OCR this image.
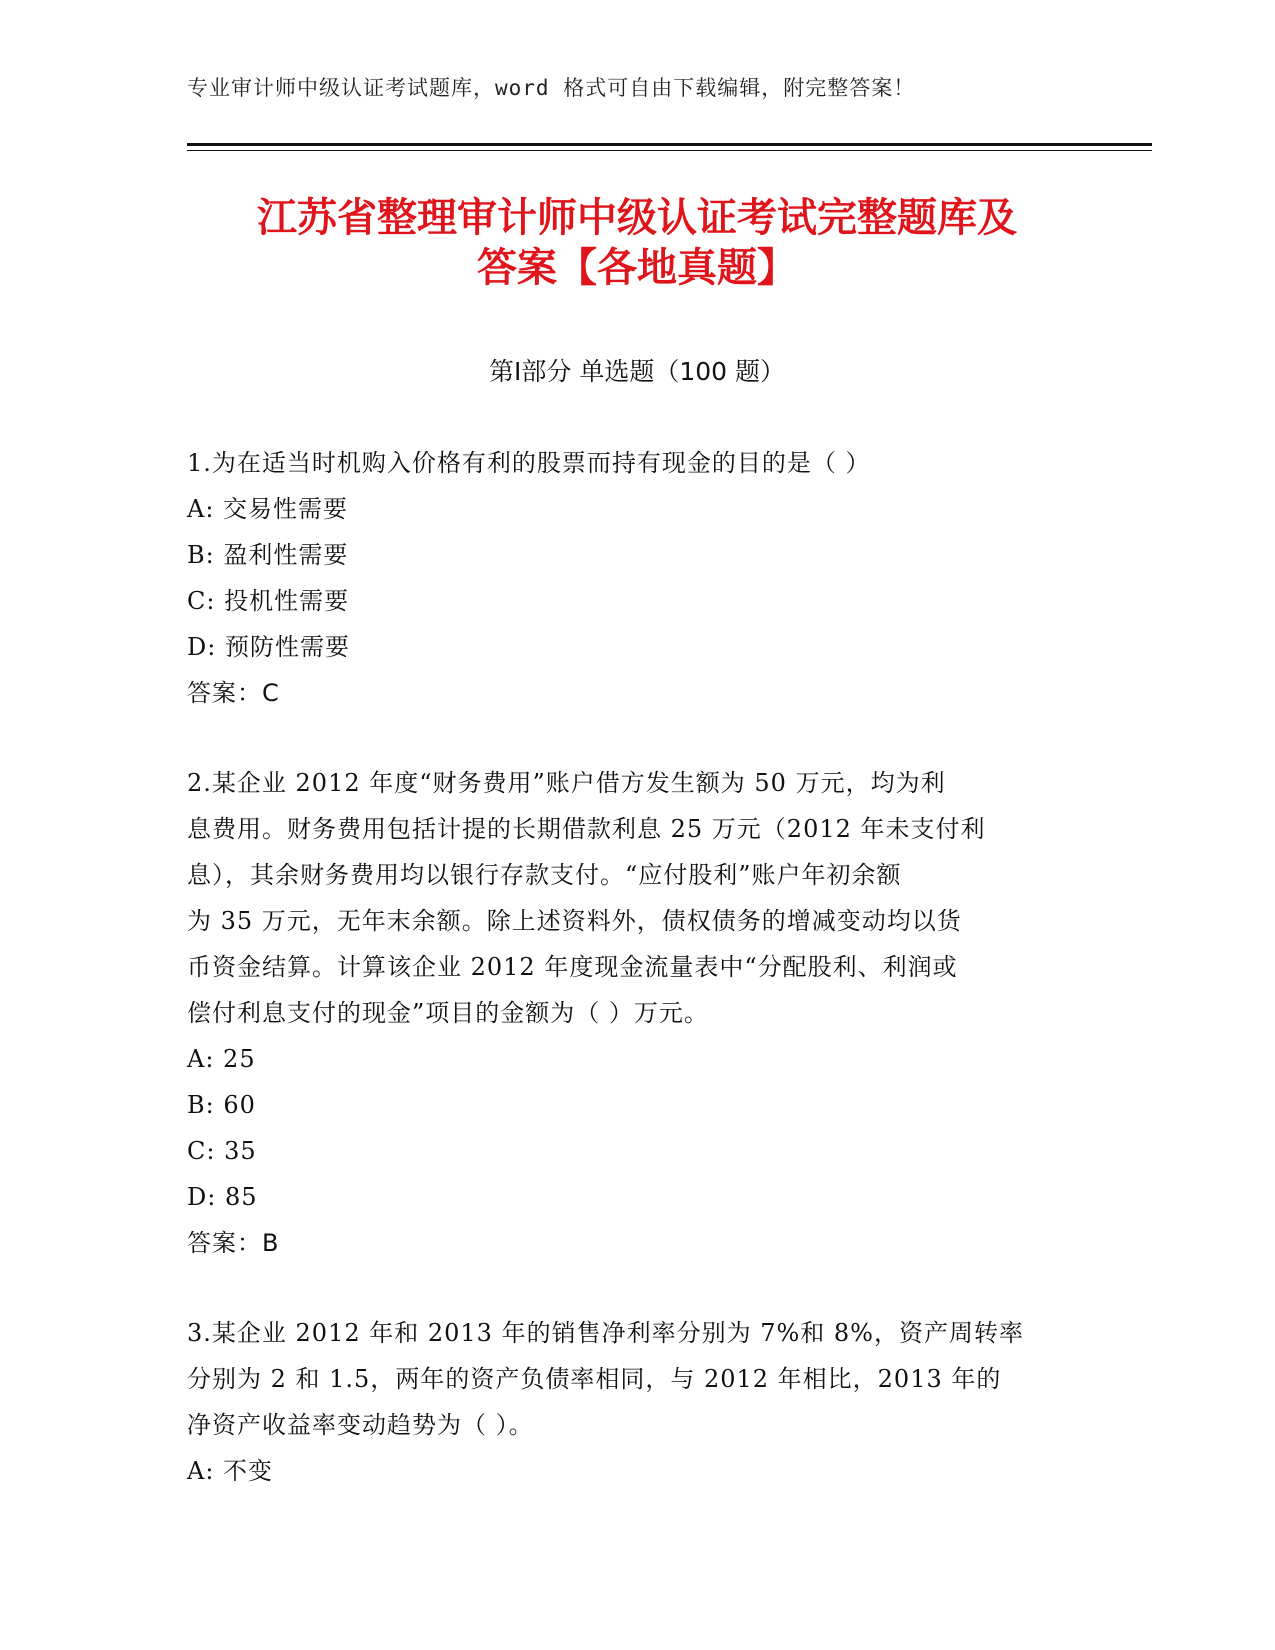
专业审计师中级认证考试题库，word 格式可自由下载编辑，附完整答案！
江苏省整理审计师中级认证考试完整题库及
答案【各地真题】
第Ⅰ部分 单选题（100 题）
1.为在适当时机购入价格有利的股票而持有现金的目的是（ ）
A: 交易性需要
B: 盈利性需要
C: 投机性需要
D: 预防性需要
答案：C
2.某企业 2012 年度“财务费用”账户借方发生额为 50 万元，均为利
息费用。财务费用包括计提的长期借款利息 25 万元（2012 年未支付利
息），其余财务费用均以银行存款支付。“应付股利”账户年初余额
为 35 万元，无年末余额。除上述资料外，债权债务的增减变动均以货
币资金结算。计算该企业 2012 年度现金流量表中“分配股利、利润或
偿付利息支付的现金”项目的金额为（ ）万元。
A: 25
B: 60
C: 35
D: 85
答案：B
3.某企业 2012 年和 2013 年的销售净利率分别为 7%和 8%，资产周转率
分别为 2 和 1.5，两年的资产负债率相同，与 2012 年相比，2013 年的
净资产收益率变动趋势为（ ）。
A: 不变
